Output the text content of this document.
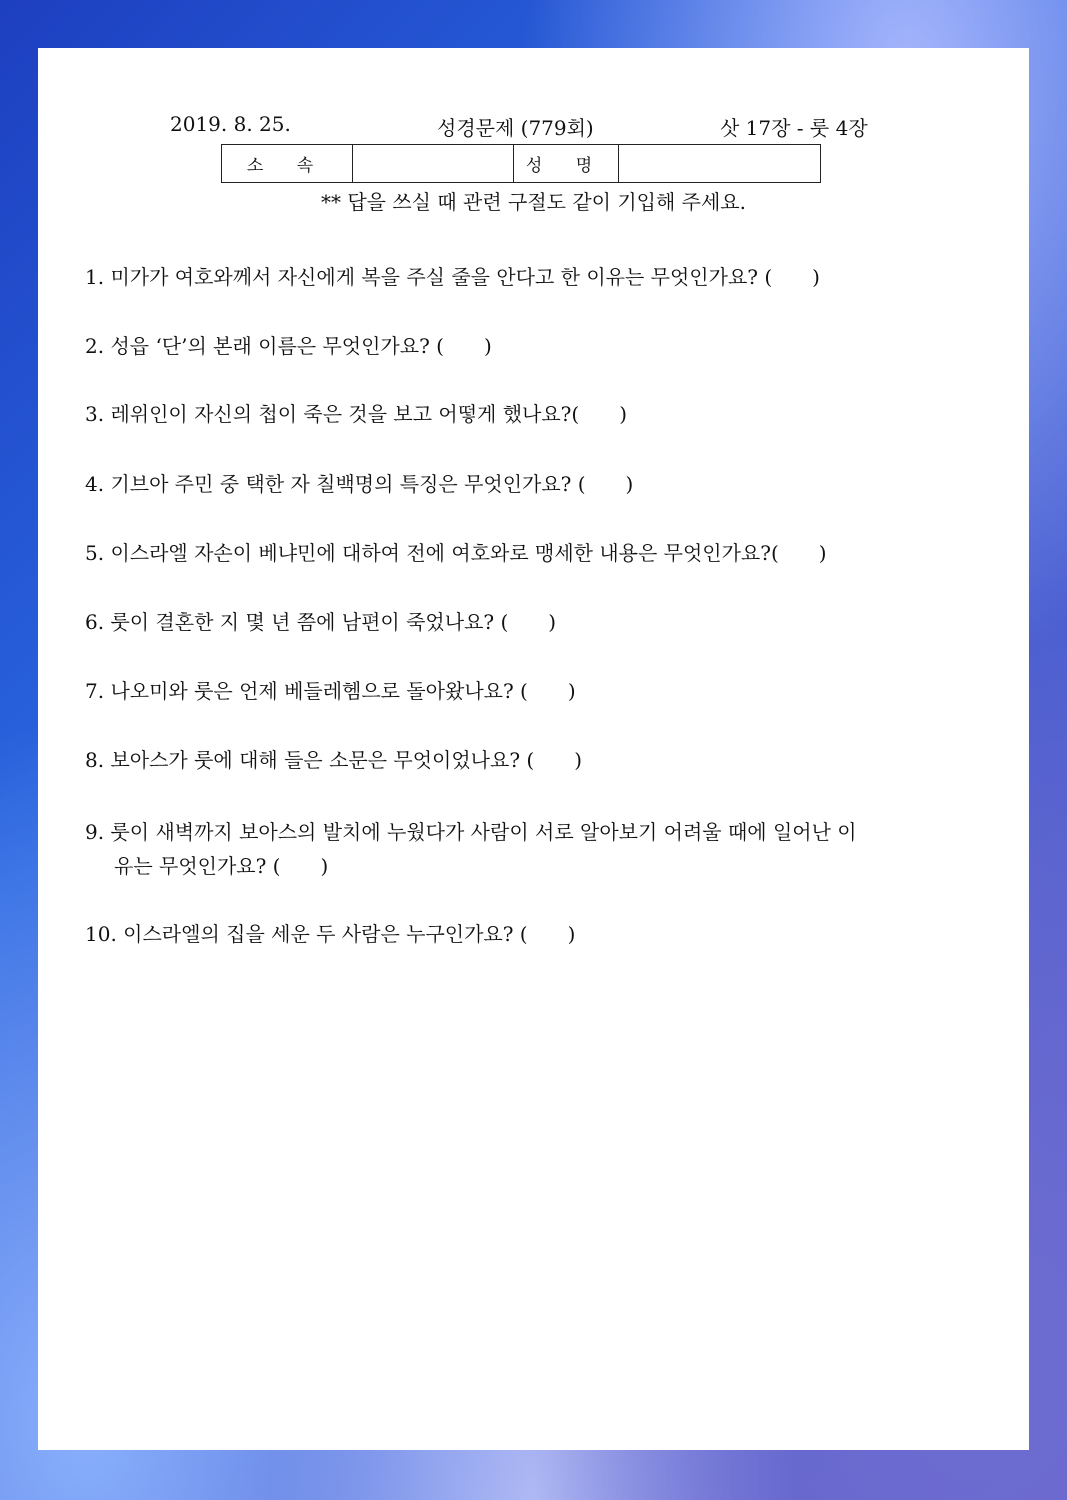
2019. 8. 25.	성경문제 (779회)	삿 17장 - 룻 4장
소 속		성 명	
** 답을 쓰실 때 관련 구절도 같이 기입해 주세요.
1. 미가가 여호와께서 자신에게 복을 주실 줄을 안다고 한 이유는 무엇인가요? (　　)
2. 성읍 ‘단’의 본래 이름은 무엇인가요? (　　)
3. 레위인이 자신의 첩이 죽은 것을 보고 어떻게 했나요?(　　)
4. 기브아 주민 중 택한 자 칠백명의 특징은 무엇인가요? (　　)
5. 이스라엘 자손이 베냐민에 대하여 전에 여호와로 맹세한 내용은 무엇인가요?(　　)
6. 룻이 결혼한 지 몇 년 쯤에 남편이 죽었나요? (　　)
7. 나오미와 룻은 언제 베들레헴으로 돌아왔나요? (　　)
8. 보아스가 룻에 대해 들은 소문은 무엇이었나요? (　　)
9. 룻이 새벽까지 보아스의 발치에 누웠다가 사람이 서로 알아보기 어려울 때에 일어난 이
유는 무엇인가요? (　　)
10. 이스라엘의 집을 세운 두 사람은 누구인가요? (　　)
